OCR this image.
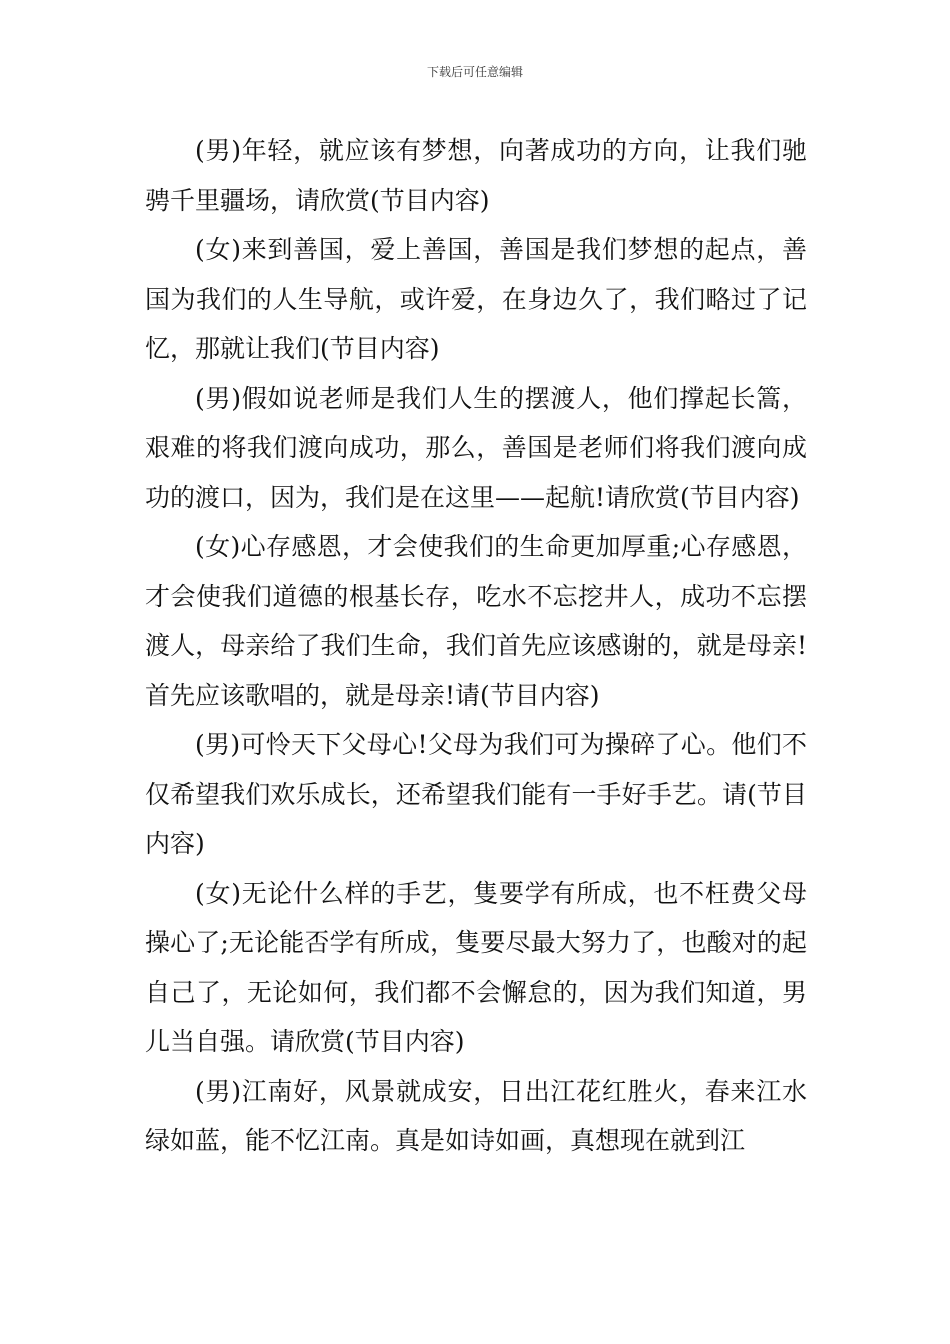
下载后可任意编辑

(男)年轻，就应该有梦想，向著成功的方向，让我们驰骋千里疆场，请欣赏(节目内容)

(女)来到善国，爱上善国，善国是我们梦想的起点，善国为我们的人生导航，或许爱，在身边久了，我们略过了记忆，那就让我们(节目内容)

(男)假如说老师是我们人生的摆渡人，他们撑起长篙，艰难的将我们渡向成功，那么，善国是老师们将我们渡向成功的渡口，因为，我们是在这里——起航!请欣赏(节目内容)

(女)心存感恩，才会使我们的生命更加厚重;心存感恩，才会使我们道德的根基长存，吃水不忘挖井人，成功不忘摆渡人，母亲给了我们生命，我们首先应该感谢的，就是母亲!首先应该歌唱的，就是母亲!请(节目内容)

(男)可怜天下父母心!父母为我们可为操碎了心。他们不仅希望我们欢乐成长，还希望我们能有一手好手艺。请(节目内容)

(女)无论什么样的手艺，隻要学有所成，也不枉费父母操心了;无论能否学有所成，隻要尽最大努力了，也酸对的起自己了，无论如何，我们都不会懈怠的，因为我们知道，男儿当自强。请欣赏(节目内容)

(男)江南好，风景就成安，日出江花红胜火，春来江水绿如蓝，能不忆江南。真是如诗如画，真想现在就到江
